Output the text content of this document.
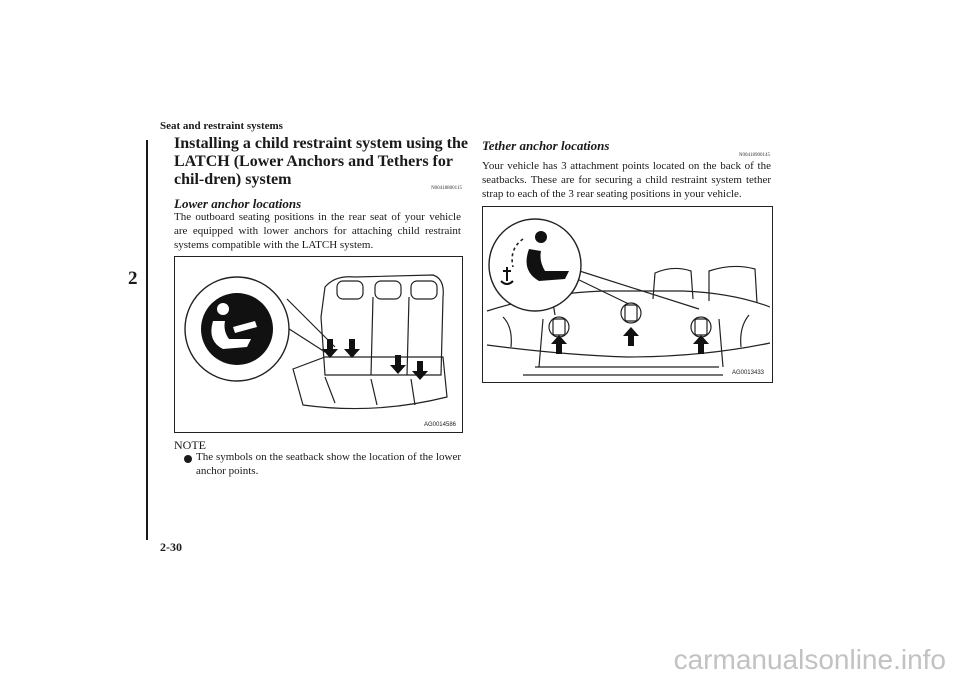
Seat and restraint systems
2
Installing a child restraint system using the LATCH (Lower Anchors and Tethers for chil-dren) system
N00418800115
Lower anchor locations
The outboard seating positions in the rear seat of your vehicle are equipped with lower anchors for attaching child restraint systems compatible with the LATCH system.
AG0014586
NOTE
The symbols on the seatback show the location of the lower anchor points.
Tether anchor locations
N00418900145
Your vehicle has 3 attachment points located on the back of the seatbacks. These are for securing a child restraint system tether strap to each of the 3 rear seating positions in your vehicle.
AG0013433
2-30
carmanualsonline.info
